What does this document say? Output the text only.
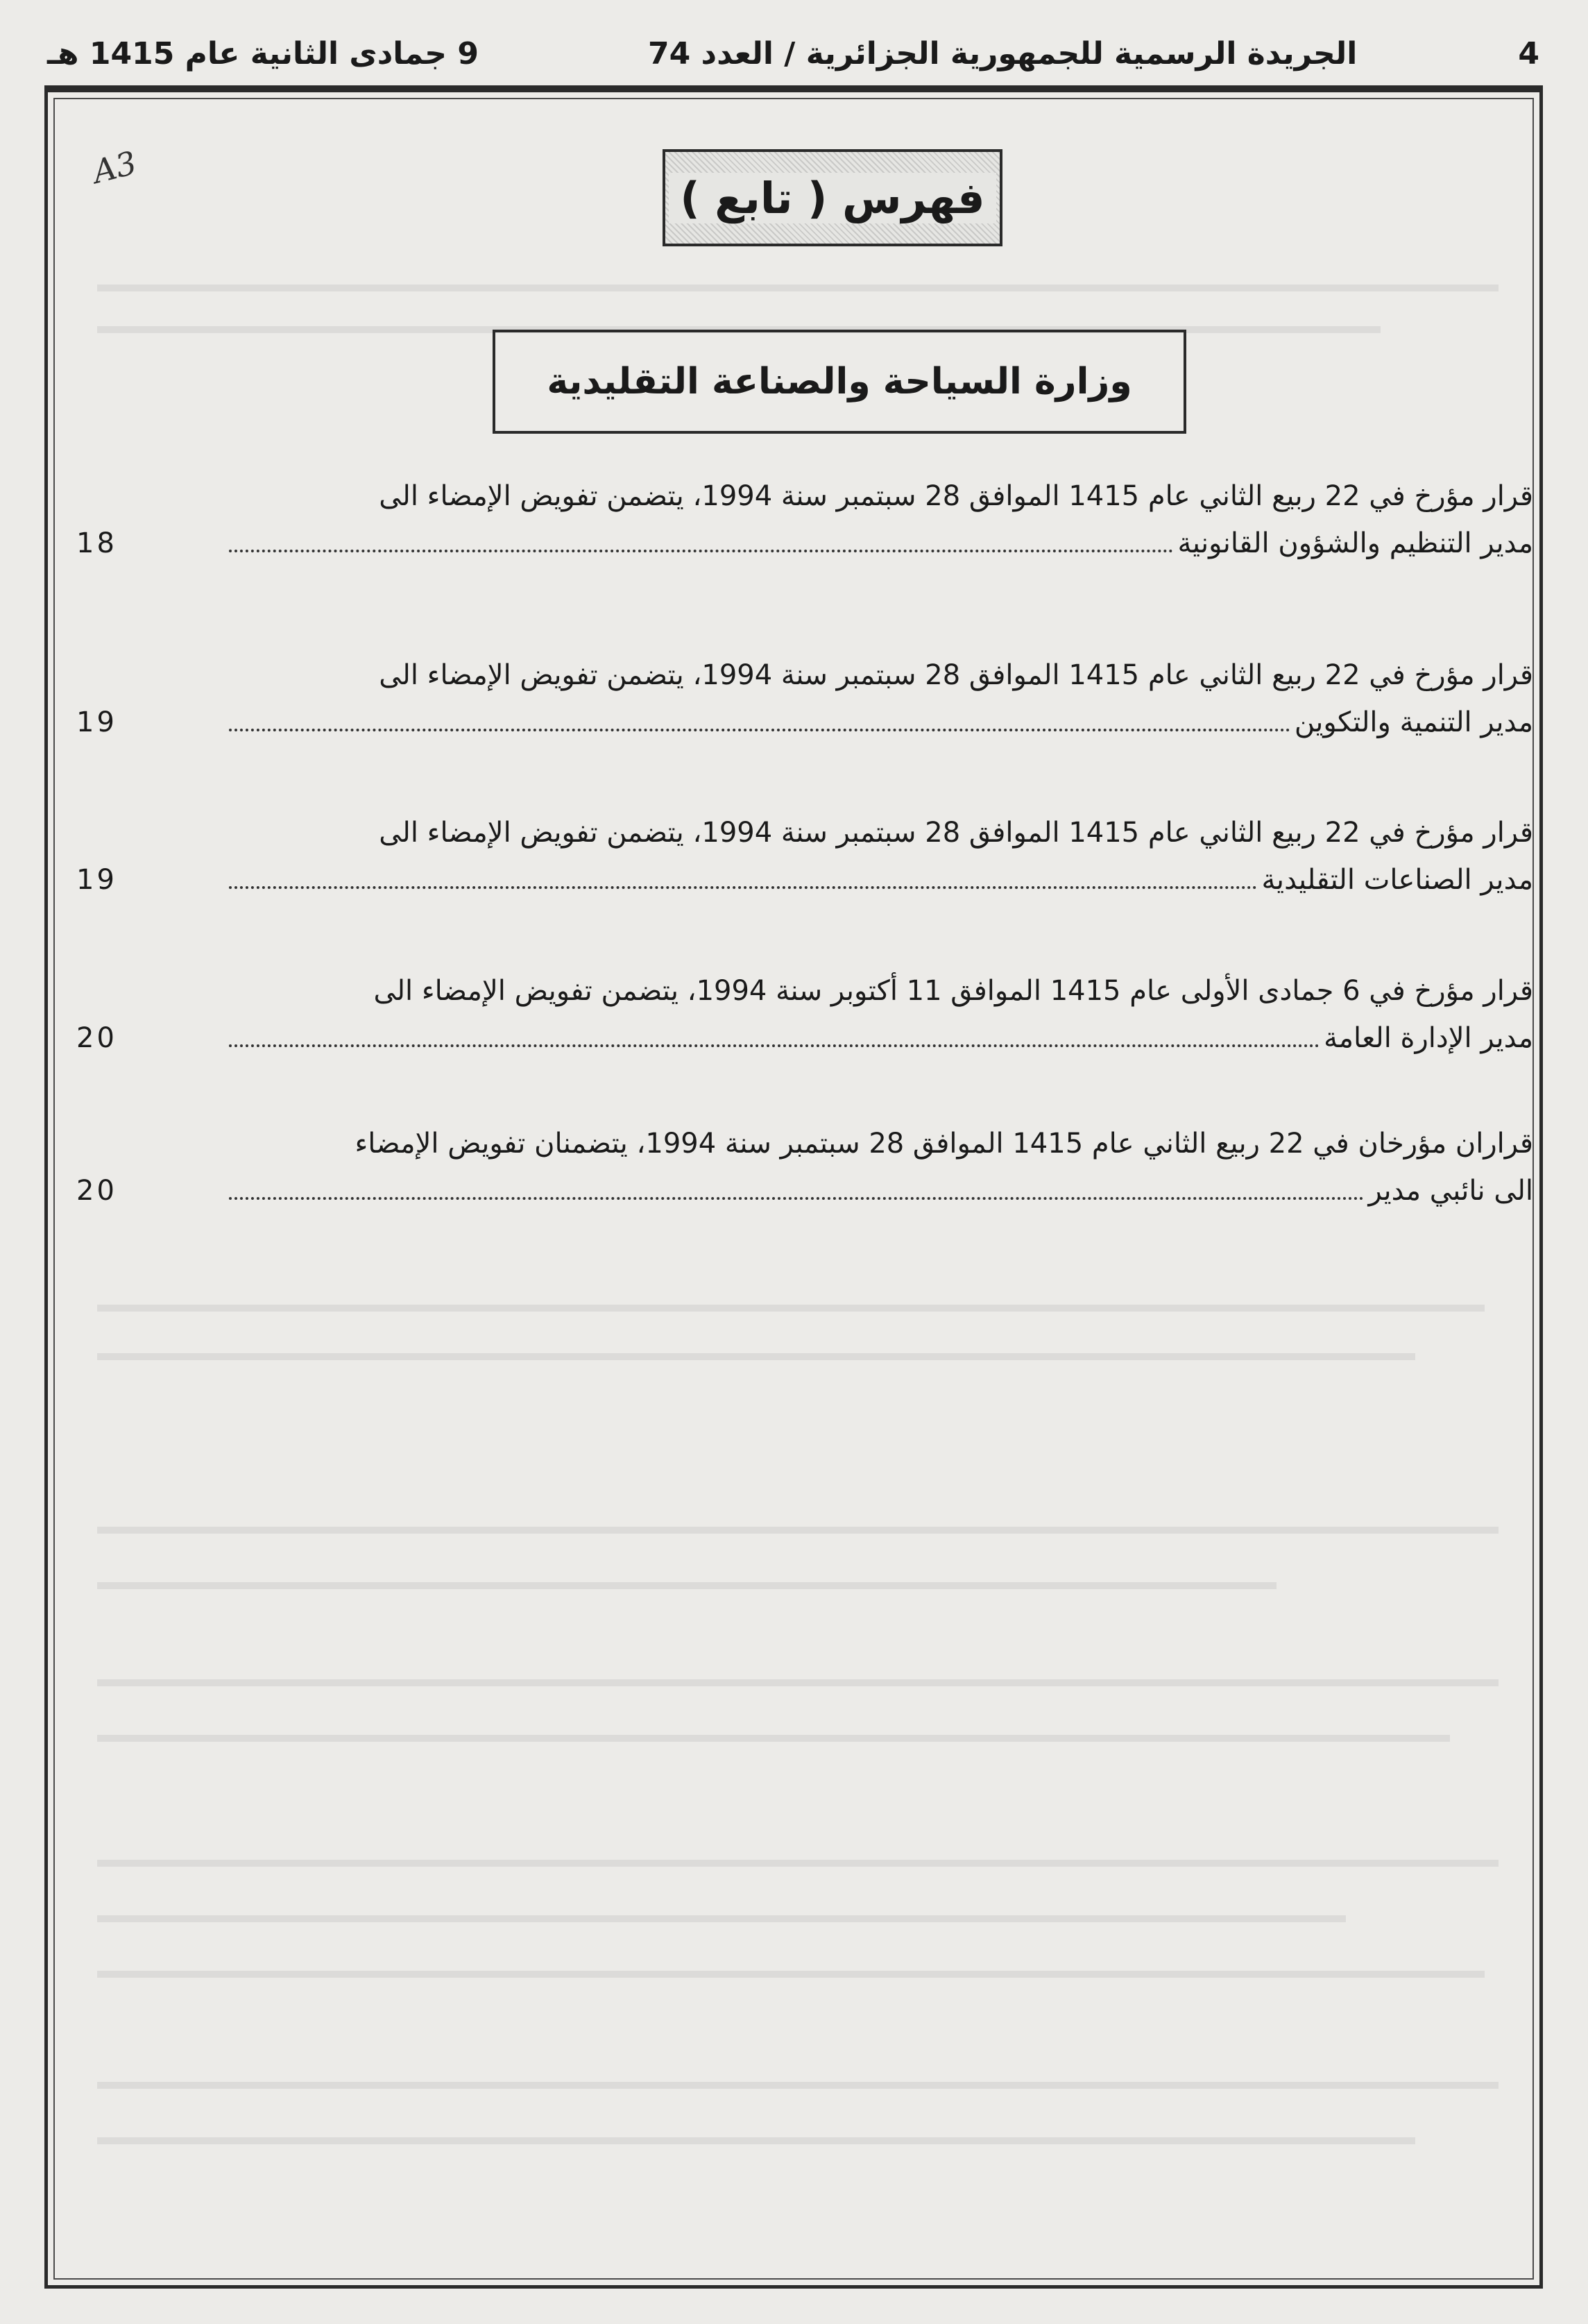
9 جمادى الثانية عام 1415 هـ	الجريدة الرسمية للجمهورية الجزائرية / العدد 74	4
A3
فهرس ( تابع )
وزارة السياحة والصناعة التقليدية
قرار مؤرخ في 22 ربيع الثاني عام 1415 الموافق 28 سبتمبر سنة 1994، يتضمن تفويض الإمضاء الى
مدير التنظيم والشؤون القانونية
18
قرار مؤرخ في 22 ربيع الثاني عام 1415 الموافق 28 سبتمبر سنة 1994، يتضمن تفويض الإمضاء الى
مدير التنمية والتكوين
19
قرار مؤرخ في 22 ربيع الثاني عام 1415 الموافق 28 سبتمبر سنة 1994، يتضمن تفويض الإمضاء الى
مدير الصناعات التقليدية
19
قرار مؤرخ في 6 جمادى الأولى عام 1415 الموافق 11 أكتوبر سنة 1994، يتضمن تفويض الإمضاء الى
مدير الإدارة العامة
20
قراران مؤرخان في 22 ربيع الثاني عام 1415 الموافق 28 سبتمبر سنة 1994، يتضمنان تفويض الإمضاء
الى نائبي مدير
20
